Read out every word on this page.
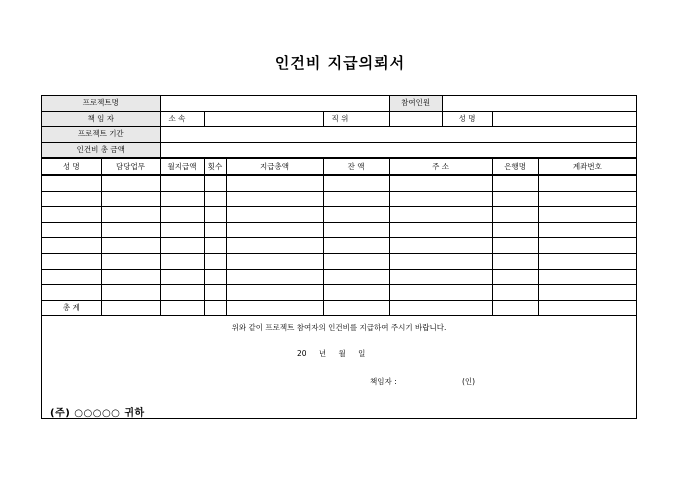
인건비 지급의뢰서
프로젝트명						참여인원			
책 임 자		소 속			직 위		성 명		
프로젝트 기간									
인건비 총 금액									
성 명	담당업무	월지급액	횟수	지급총액	잔 액	주 소		은행명	계좌번호

총 계									
위와 같이 프로젝트 참여자의 인건비를 지급하여 주시기 바랍니다.
20 년 월 일
책임자 :	(인)
(주) ○○○○○ 귀하
